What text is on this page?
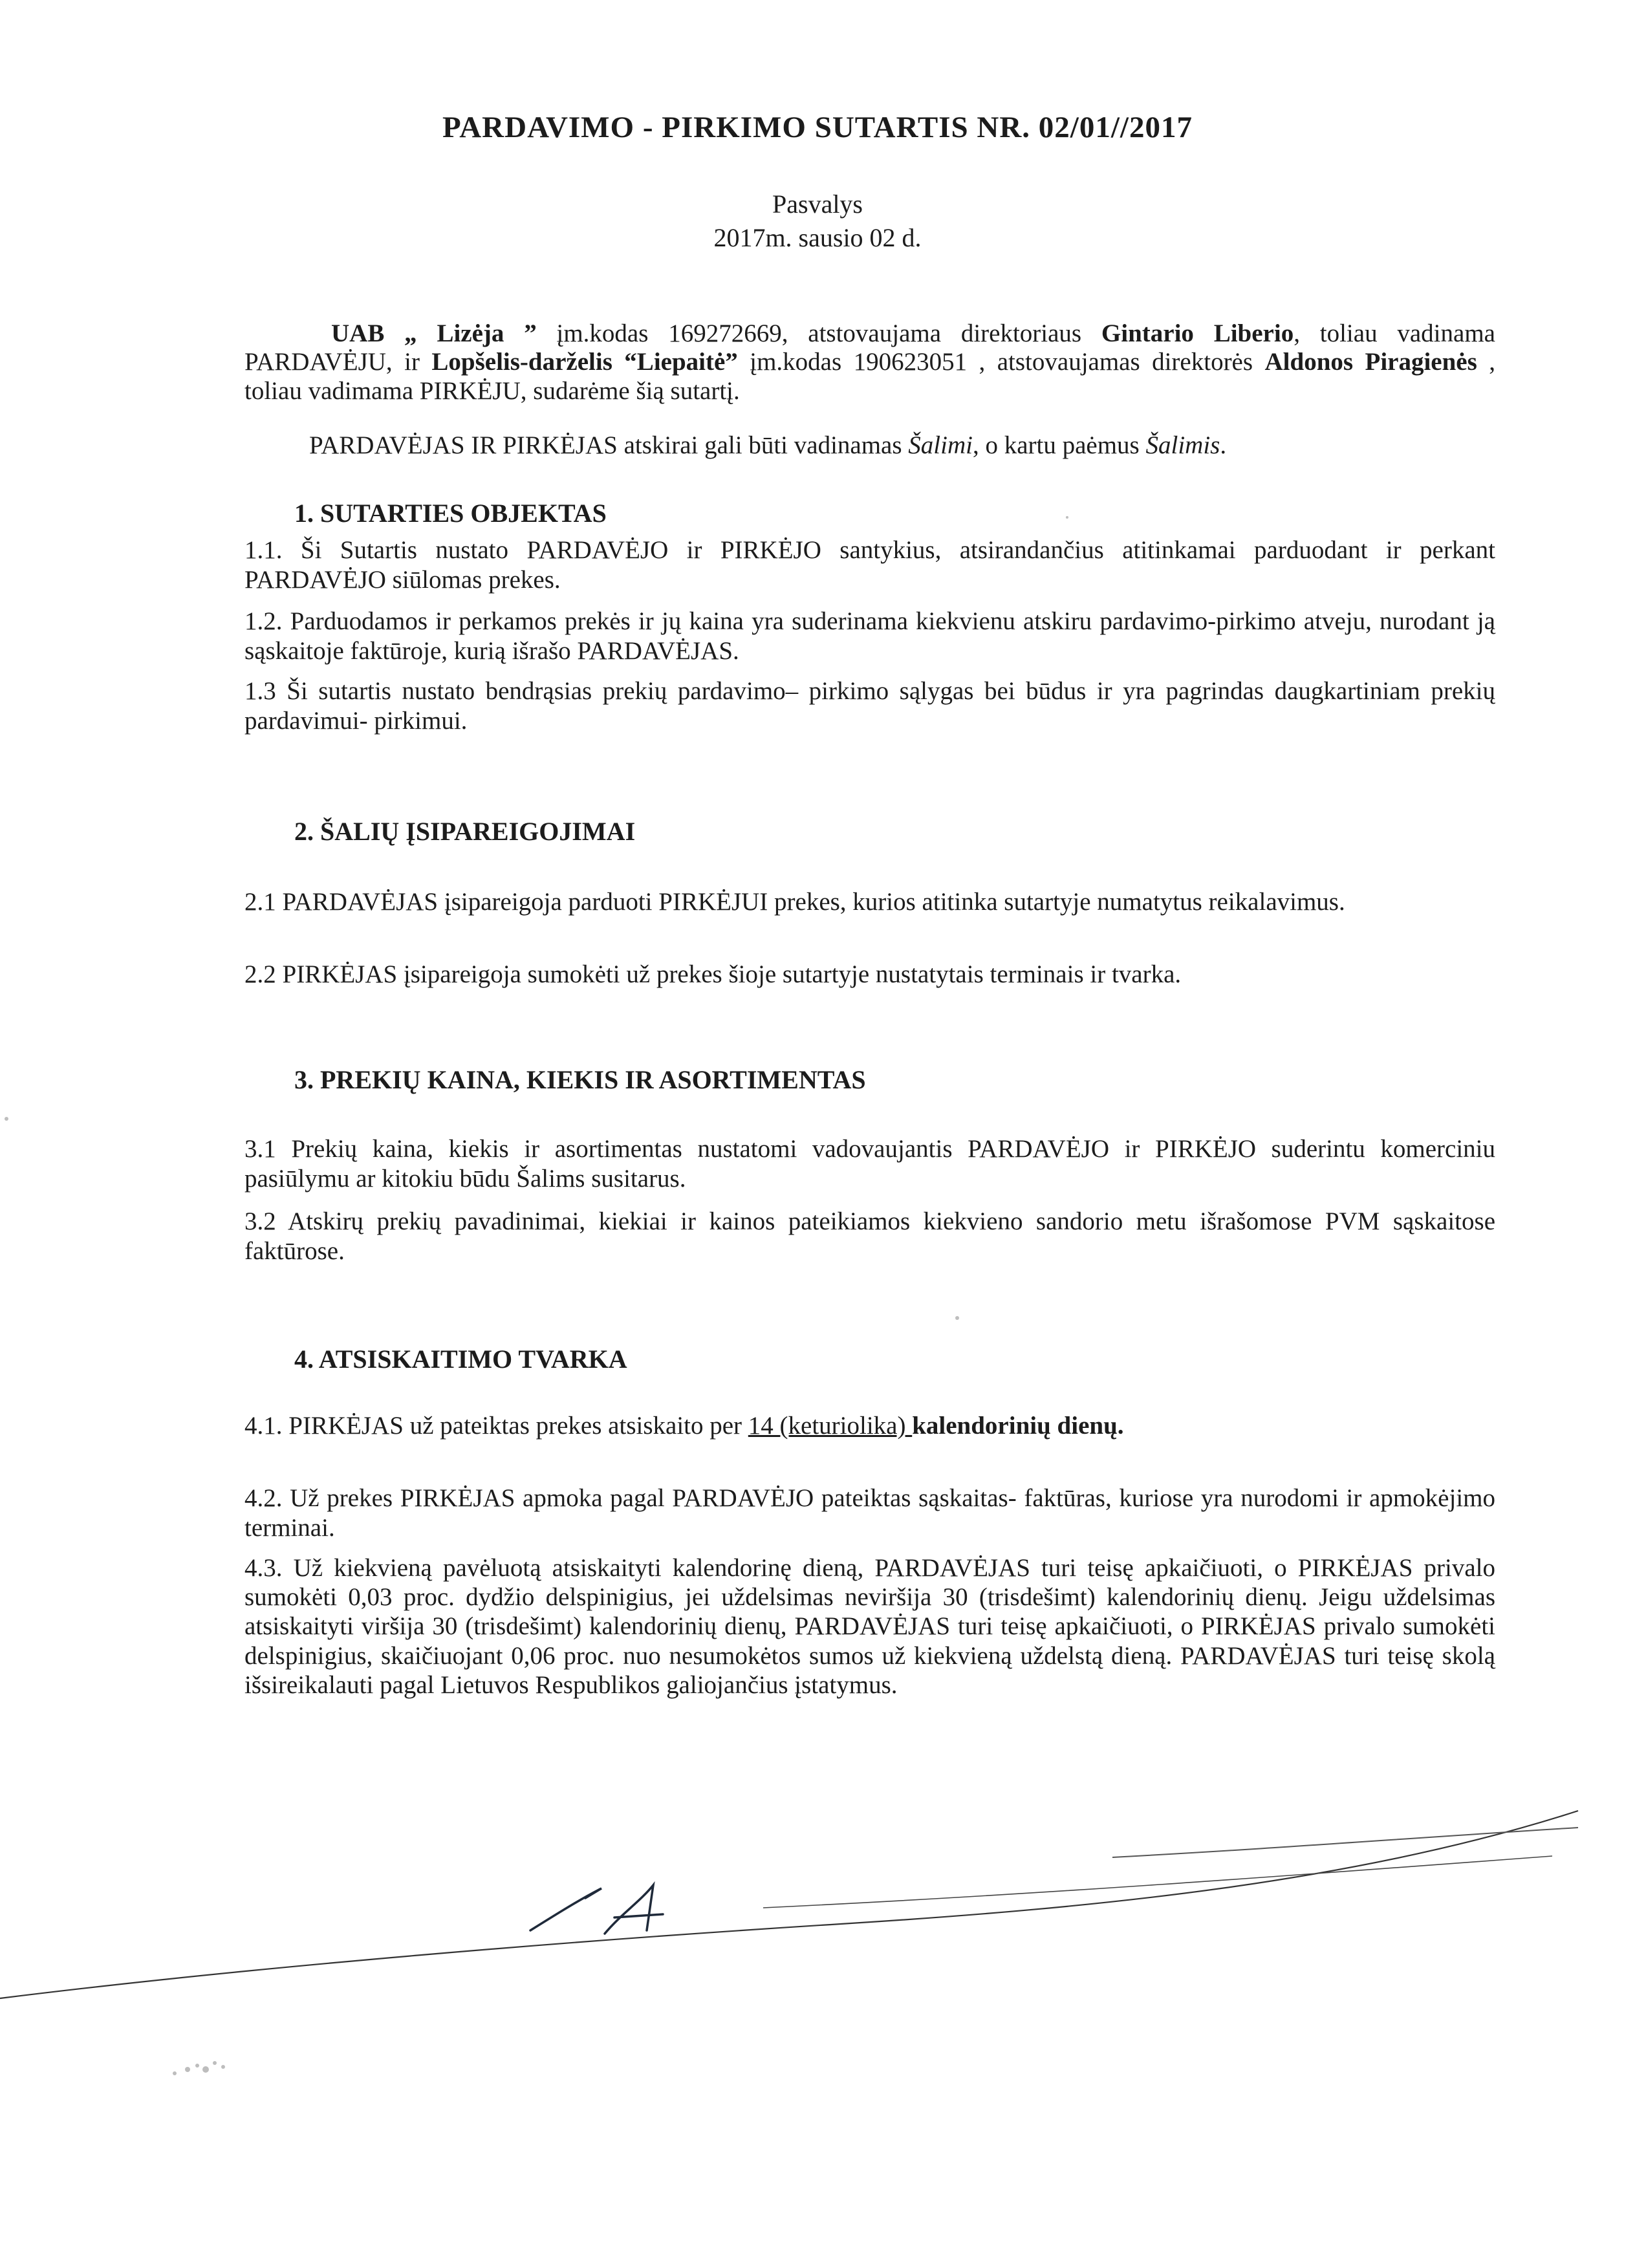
PARDAVIMO - PIRKIMO SUTARTIS NR. 02/01//2017
Pasvalys
2017m. sausio 02 d.
UAB „ Lizėja ” įm.kodas 169272669, atstovaujama direktoriaus Gintario Liberio, toliau vadinama PARDAVĖJU, ir Lopšelis-darželis “Liepaitė” įm.kodas 190623051 , atstovaujamas direktorės Aldonos Piragienės , toliau vadimama PIRKĖJU, sudarėme šią sutartį.
PARDAVĖJAS IR PIRKĖJAS atskirai gali būti vadinamas Šalimi, o kartu paėmus Šalimis.
1. SUTARTIES OBJEKTAS
1.1. Ši Sutartis nustato PARDAVĖJO ir PIRKĖJO santykius, atsirandančius atitinkamai parduodant ir perkant PARDAVĖJO siūlomas prekes.
1.2. Parduodamos ir perkamos prekės ir jų kaina yra suderinama kiekvienu atskiru pardavimo-pirkimo atveju, nurodant ją sąskaitoje faktūroje, kurią išrašo PARDAVĖJAS.
1.3 Ši sutartis nustato bendrąsias prekių pardavimo– pirkimo sąlygas bei būdus ir yra pagrindas daugkartiniam prekių pardavimui- pirkimui.
2. ŠALIŲ ĮSIPAREIGOJIMAI
2.1 PARDAVĖJAS įsipareigoja parduoti PIRKĖJUI prekes, kurios atitinka sutartyje numatytus reikalavimus.
2.2 PIRKĖJAS įsipareigoja sumokėti už prekes šioje sutartyje nustatytais terminais ir tvarka.
3. PREKIŲ KAINA, KIEKIS IR ASORTIMENTAS
3.1 Prekių kaina, kiekis ir asortimentas nustatomi vadovaujantis PARDAVĖJO ir PIRKĖJO suderintu komerciniu pasiūlymu ar kitokiu būdu Šalims susitarus.
3.2 Atskirų prekių pavadinimai, kiekiai ir kainos pateikiamos kiekvieno sandorio metu išrašomose PVM sąskaitose faktūrose.
4. ATSISKAITIMO TVARKA
4.1. PIRKĖJAS už pateiktas prekes atsiskaito per 14 (keturiolika) kalendorinių dienų.
4.2. Už prekes PIRKĖJAS apmoka pagal PARDAVĖJO pateiktas sąskaitas- faktūras, kuriose yra nurodomi ir apmokėjimo terminai.
4.3. Už kiekvieną pavėluotą atsiskaityti kalendorinę dieną, PARDAVĖJAS turi teisę apkaičiuoti, o PIRKĖJAS privalo sumokėti 0,03 proc. dydžio delspinigius, jei uždelsimas neviršija 30 (trisdešimt) kalendorinių dienų. Jeigu uždelsimas atsiskaityti viršija 30 (trisdešimt) kalendorinių dienų, PARDAVĖJAS turi teisę apkaičiuoti, o PIRKĖJAS privalo sumokėti delspinigius, skaičiuojant 0,06 proc. nuo nesumokėtos sumos už kiekvieną uždelstą dieną. PARDAVĖJAS turi teisę skolą išsireikalauti pagal Lietuvos Respublikos galiojančius įstatymus.
